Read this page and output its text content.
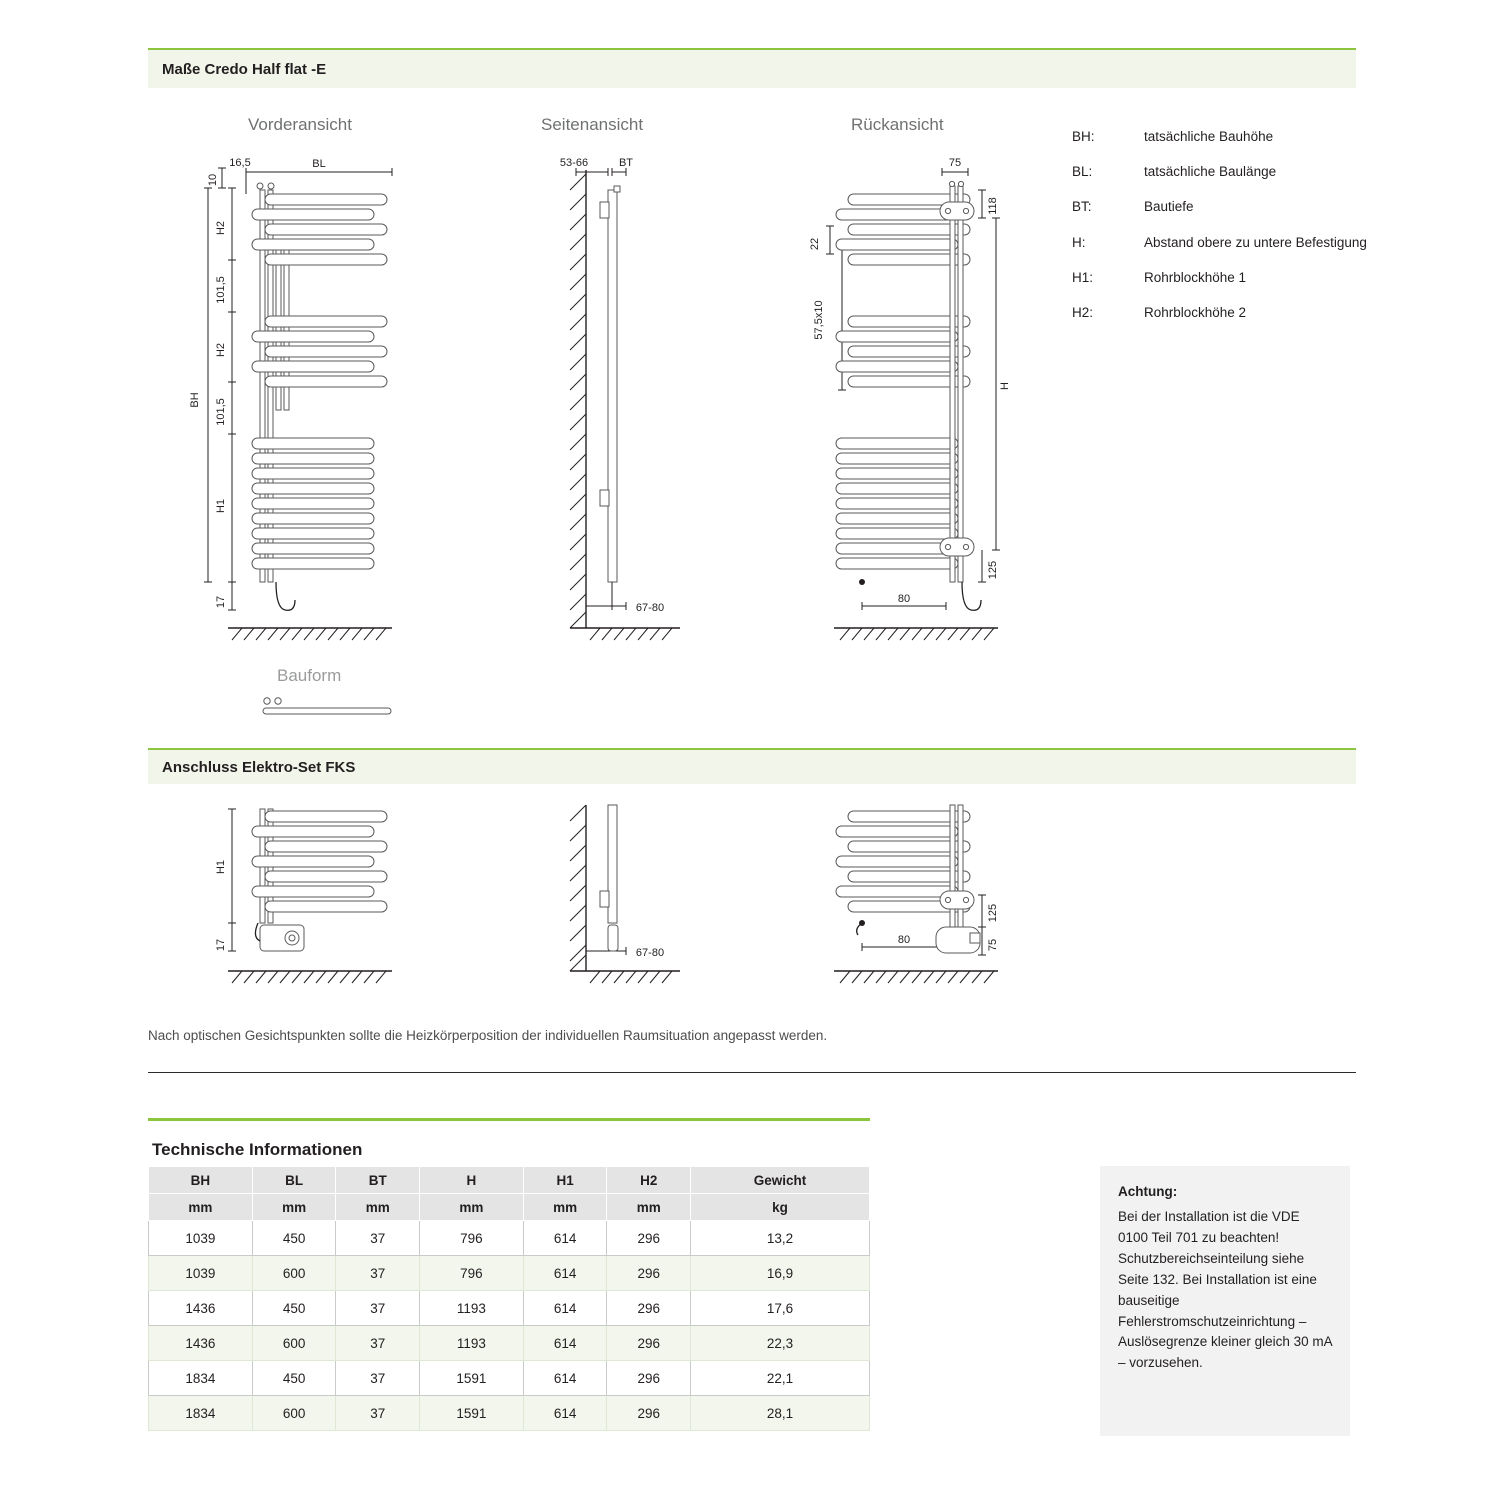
Maße Credo Half flat -E
Vorderansicht	Seitenansicht	Rückansicht
Bauform
BH:	tatsächliche Bauhöhe
BL:	tatsächliche Baulänge
BT:	Bautiefe
H:	Abstand obere zu untere Befestigung
H1:	Rohrblockhöhe 1
H2:	Rohrblockhöhe 2
BH
H2
101,5
H2
101,5
H1
10
17
16,5	BL	53-66	BT
67-80
57,5x10
22
H
118
125
75
80
Anschluss Elektro-Set FKS
H1
17
67-80
125
75
80
Nach optischen Gesichtspunkten sollte die Heizkörperposition der individuellen Raumsituation angepasst werden.
Technische Informationen
BH	BL	BT	H	H1	H2	Gewicht
mm	mm	mm	mm	mm	mm	kg
1039	450	37	796	614	296	13,2
1039	600	37	796	614	296	16,9
1436	450	37	1193	614	296	17,6
1436	600	37	1193	614	296	22,3
1834	450	37	1591	614	296	22,1
1834	600	37	1591	614	296	28,1
Achtung:
Bei der Installation ist die VDE 0100 Teil 701 zu beachten! Schutzbereichseinteilung siehe Seite 132. Bei Installation ist eine bauseitige Fehlerstromschutzeinrichtung – Auslösegrenze kleiner gleich 30 mA – vorzusehen.
